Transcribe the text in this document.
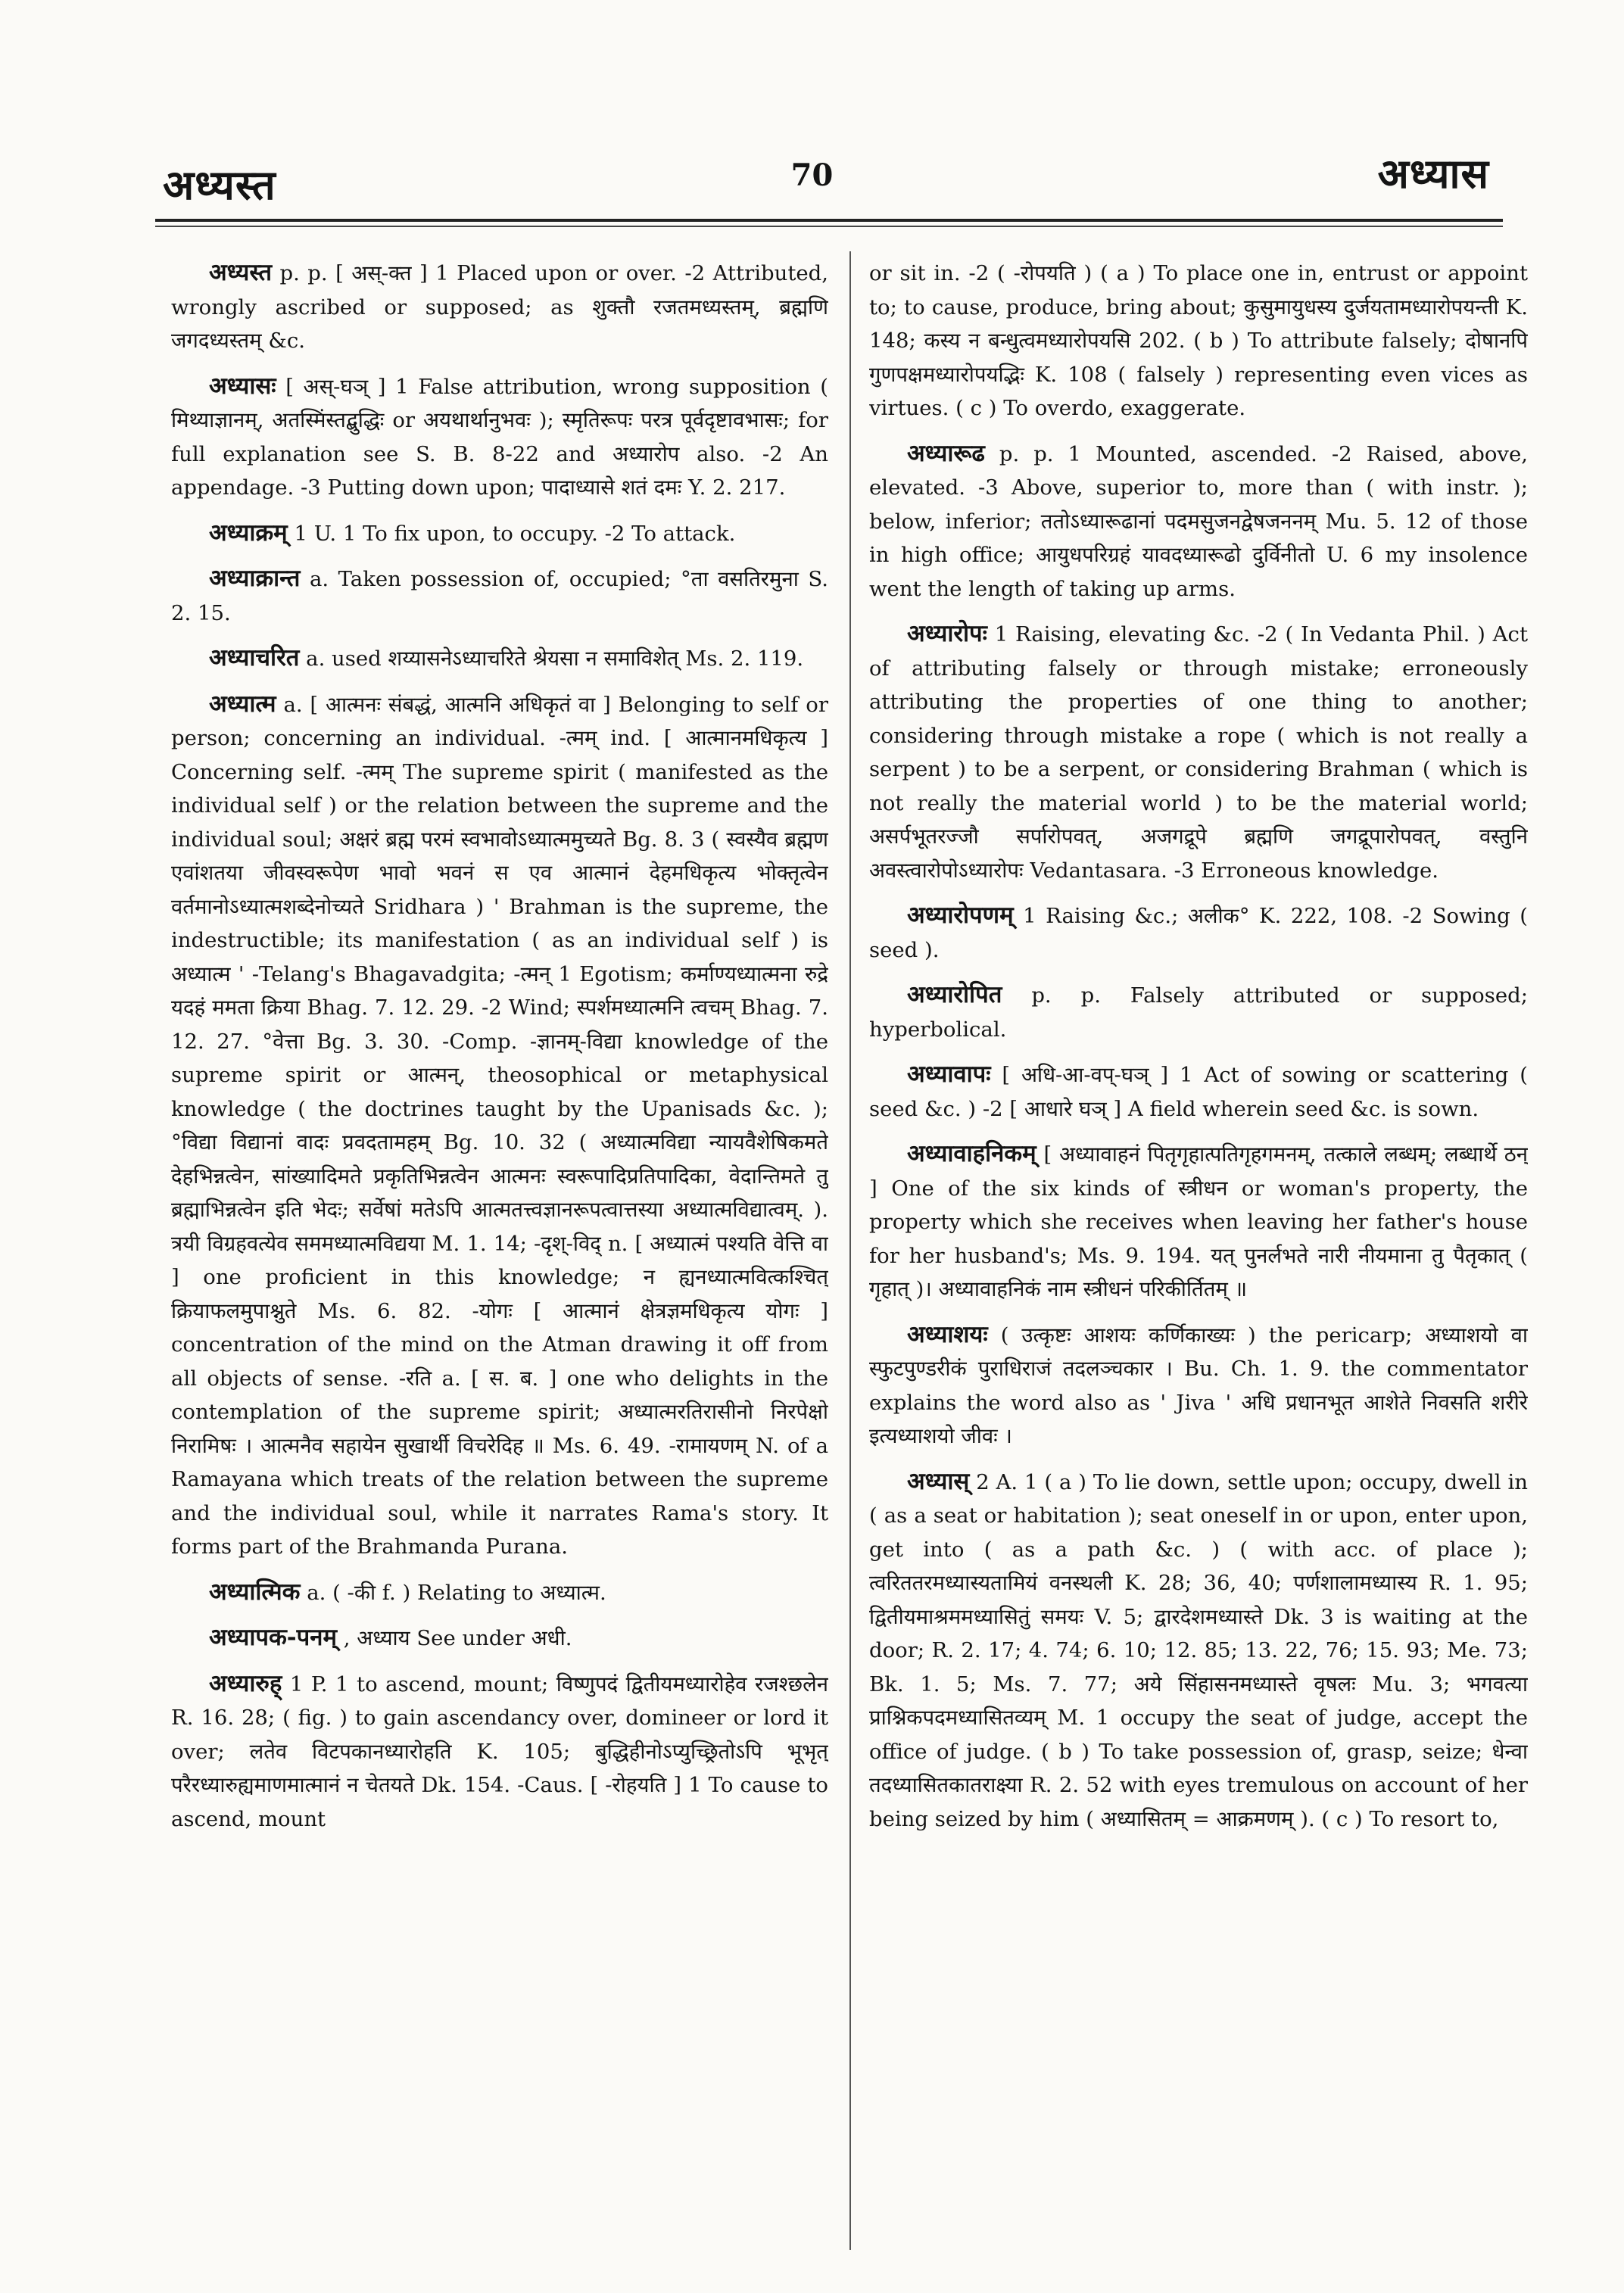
अध्यस्त	70	अध्यास

अध्यस्त p. p. [ अस्-क्त ] 1 Placed upon or over. -2 Attributed, wrongly ascribed or supposed; as शुक्तौ रजतमध्यस्तम्, ब्रह्मणि जगदध्यस्तम् &c.

अध्यासः [ अस्-घञ् ] 1 False attribution, wrong supposition ( मिथ्याज्ञानम्, अतस्मिंस्तद्बुद्धिः or अयथार्थानुभवः ); स्मृतिरूपः परत्र पूर्वदृष्टावभासः; for full explanation see S. B. 8-22 and अध्यारोप also. -2 An appendage. -3 Putting down upon; पादाध्यासे शतं दमः Y. 2. 217.

अध्याक्रम् 1 U. 1 To fix upon, to occupy. -2 To attack.

अध्याक्रान्त a. Taken possession of, occupied; °ता वसतिरमुना S. 2. 15.

अध्याचरित a. used शय्यासनेऽध्याचरिते श्रेयसा न समाविशेत् Ms. 2. 119.

अध्यात्म a. [ आत्मनः संबद्धं, आत्मनि अधिकृतं वा ] Belonging to self or person; concerning an individual. -त्मम् ind. [ आत्मानमधिकृत्य ] Concerning self. -त्मम् The supreme spirit ( manifested as the individual self ) or the relation between the supreme and the individual soul; अक्षरं ब्रह्म परमं स्वभावोऽध्यात्ममुच्यते Bg. 8. 3 ( स्वस्यैव ब्रह्मण एवांशतया जीवस्वरूपेण भावो भवनं स एव आत्मानं देहमधिकृत्य भोक्तृत्वेन वर्तमानोऽध्यात्मशब्देनोच्यते Sridhara ) ' Brahman is the supreme, the indestructible; its manifestation ( as an individual self ) is अध्यात्म ' -Telang's Bhagavadgita; -त्मन् 1 Egotism; कर्माण्यध्यात्मना रुद्रे यदहं ममता क्रिया Bhag. 7. 12. 29. -2 Wind; स्पर्शमध्यात्मनि त्वचम् Bhag. 7. 12. 27. °वेत्ता Bg. 3. 30. -Comp. -ज्ञानम्-विद्या knowledge of the supreme spirit or आत्मन्, theosophical or metaphysical knowledge ( the doctrines taught by the Upanisads &c. ); °विद्या विद्यानां वादः प्रवदतामहम् Bg. 10. 32 ( अध्यात्मविद्या न्यायवैशेषिकमते देहभिन्नत्वेन, सांख्यादिमते प्रकृतिभिन्नत्वेन आत्मनः स्वरूपादिप्रतिपादिका, वेदान्तिमते तु ब्रह्माभिन्नत्वेन इति भेदः; सर्वेषां मतेऽपि आत्मतत्त्वज्ञानरूपत्वात्तस्या अध्यात्मविद्यात्वम्. ). त्रयी विग्रहवत्येव सममध्यात्मविद्यया M. 1. 14; -दृश्-विद् n. [ अध्यात्मं पश्यति वेत्ति वा ] one proficient in this knowledge; न ह्यनध्यात्मवित्कश्चित् क्रियाफलमुपाश्नुते Ms. 6. 82. -योगः [ आत्मानं क्षेत्रज्ञमधिकृत्य योगः ] concentration of the mind on the Atman drawing it off from all objects of sense. -रति a. [ स. ब. ] one who delights in the contemplation of the supreme spirit; अध्यात्मरतिरासीनो निरपेक्षो निरामिषः । आत्मनैव सहायेन सुखार्थी विचरेदिह ॥ Ms. 6. 49. -रामायणम् N. of a Ramayana which treats of the relation between the supreme and the individual soul, while it narrates Rama's story. It forms part of the Brahmanda Purana.

अध्यात्मिक a. ( -की f. ) Relating to अध्यात्म.

अध्यापक-पनम् , अध्याय See under अधी.

अध्यारुह् 1 P. 1 to ascend, mount; विष्णुपदं द्वितीयमध्यारोहेव रजश्छलेन R. 16. 28; ( fig. ) to gain ascendancy over, domineer or lord it over; लतेव विटपकानध्यारोहति K. 105; बुद्धिहीनोऽप्युच्छ्रितोऽपि भूभृत् परैरध्यारुह्यमाणमात्मानं न चेतयते Dk. 154. -Caus. [ -रोहयति ] 1 To cause to ascend, mount

or sit in. -2 ( -रोपयति ) ( a ) To place one in, entrust or appoint to; to cause, produce, bring about; कुसुमायुधस्य दुर्जयतामध्यारोपयन्ती K. 148; कस्य न बन्धुत्वमध्यारोपयसि 202. ( b ) To attribute falsely; दोषानपि गुणपक्षमध्यारोपयद्भिः K. 108 ( falsely ) representing even vices as virtues. ( c ) To overdo, exaggerate.

अध्यारूढ p. p. 1 Mounted, ascended. -2 Raised, above, elevated. -3 Above, superior to, more than ( with instr. ); below, inferior; ततोऽध्यारूढानां पदमसुजनद्वेषजननम् Mu. 5. 12 of those in high office; आयुधपरिग्रहं यावदध्यारूढो दुर्विनीतो U. 6 my insolence went the length of taking up arms.

अध्यारोपः 1 Raising, elevating &c. -2 ( In Vedanta Phil. ) Act of attributing falsely or through mistake; erroneously attributing the properties of one thing to another; considering through mistake a rope ( which is not really a serpent ) to be a serpent, or considering Brahman ( which is not really the material world ) to be the material world; असर्पभूतरज्जौ सर्पारोपवत्, अजगद्रूपे ब्रह्मणि जगद्रूपारोपवत्, वस्तुनि अवस्त्वारोपोऽध्यारोपः Vedantasara. -3 Erroneous knowledge.

अध्यारोपणम् 1 Raising &c.; अलीक° K. 222, 108. -2 Sowing ( seed ).

अध्यारोपित p. p. Falsely attributed or supposed; hyperbolical.

अध्यावापः [ अधि-आ-वप्-घञ् ] 1 Act of sowing or scattering ( seed &c. ) -2 [ आधारे घञ् ] A field wherein seed &c. is sown.

अध्यावाहनिकम् [ अध्यावाहनं पितृगृहात्पतिगृहगमनम्, तत्काले लब्धम्; लब्धार्थे ठन् ] One of the six kinds of स्त्रीधन or woman's property, the property which she receives when leaving her father's house for her husband's; Ms. 9. 194. यत् पुनर्लभते नारी नीयमाना तु पैतृकात् ( गृहात् )। अध्यावाहनिकं नाम स्त्रीधनं परिकीर्तितम् ॥

अध्याशयः ( उत्कृष्टः आशयः कर्णिकाख्यः ) the pericarp; अध्याशयो वा स्फुटपुण्डरीकं पुराधिराजं तदलञ्चकार । Bu. Ch. 1. 9. the commentator explains the word also as ' Jiva ' अधि प्रधानभूत आशेते निवसति शरीरे इत्यध्याशयो जीवः ।

अध्यास् 2 A. 1 ( a ) To lie down, settle upon; occupy, dwell in ( as a seat or habitation ); seat oneself in or upon, enter upon, get into ( as a path &c. ) ( with acc. of place ); त्वरिततरमध्यास्यतामियं वनस्थली K. 28; 36, 40; पर्णशालामध्यास्य R. 1. 95; द्वितीयमाश्रममध्यासितुं समयः V. 5; द्वारदेशमध्यास्ते Dk. 3 is waiting at the door; R. 2. 17; 4. 74; 6. 10; 12. 85; 13. 22, 76; 15. 93; Me. 73; Bk. 1. 5; Ms. 7. 77; अये सिंहासनमध्यास्ते वृषलः Mu. 3; भगवत्या प्राश्निकपदमध्यासितव्यम् M. 1 occupy the seat of judge, accept the office of judge. ( b ) To take possession of, grasp, seize; धेन्वा तदध्यासितकातराक्ष्या R. 2. 52 with eyes tremulous on account of her being seized by him ( अध्यासितम् = आक्रमणम् ). ( c ) To resort to,
